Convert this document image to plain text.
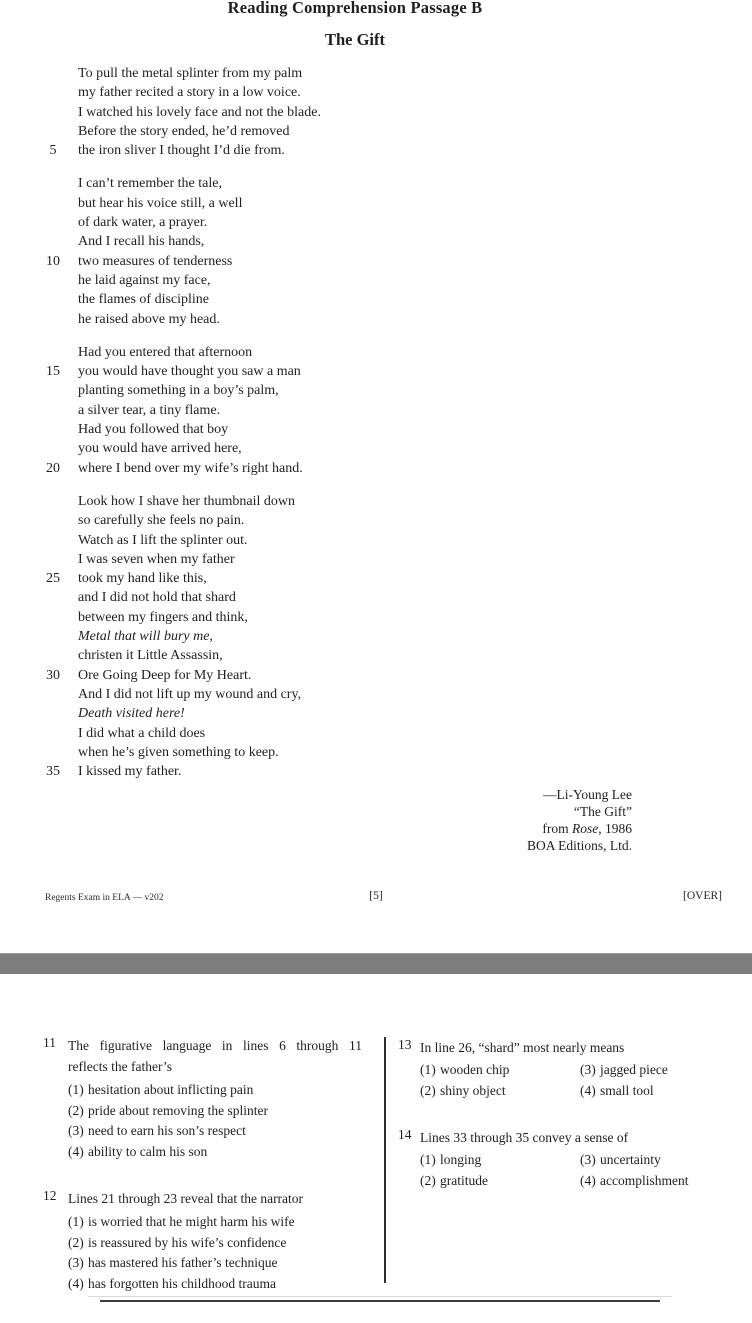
Reading Comprehension Passage B
The Gift
To pull the metal splinter from my palm
my father recited a story in a low voice.
I watched his lovely face and not the blade.
Before the story ended, he’d removed
5	the iron sliver I thought I’d die from.
I can’t remember the tale,
but hear his voice still, a well
of dark water, a prayer.
And I recall his hands,
10	two measures of tenderness
he laid against my face,
the flames of discipline
he raised above my head.
Had you entered that afternoon
15	you would have thought you saw a man
planting something in a boy’s palm,
a silver tear, a tiny flame.
Had you followed that boy
you would have arrived here,
20	where I bend over my wife’s right hand.
Look how I shave her thumbnail down
so carefully she feels no pain.
Watch as I lift the splinter out.
I was seven when my father
25	took my hand like this,
and I did not hold that shard
between my fingers and think,
Metal that will bury me,
christen it Little Assassin,
30	Ore Going Deep for My Heart.
And I did not lift up my wound and cry,
Death visited here!
I did what a child does
when he’s given something to keep.
35	I kissed my father.
—Li-Young Lee
“The Gift”
from Rose, 1986
BOA Editions, Ltd.
Regents Exam in ELA — v202	[5]	[OVER]
11 The figurative language in lines 6 through 11
reflects the father’s
(1) hesitation about inflicting pain
(2) pride about removing the splinter
(3) need to earn his son’s respect
(4) ability to calm his son
12 Lines 21 through 23 reveal that the narrator
(1) is worried that he might harm his wife
(2) is reassured by his wife’s confidence
(3) has mastered his father’s technique
(4) has forgotten his childhood trauma
13 In line 26, “shard” most nearly means
(1) wooden chip
(2) shiny object
(3) jagged piece
(4) small tool
14 Lines 33 through 35 convey a sense of
(1) longing
(2) gratitude
(3) uncertainty
(4) accomplishment
